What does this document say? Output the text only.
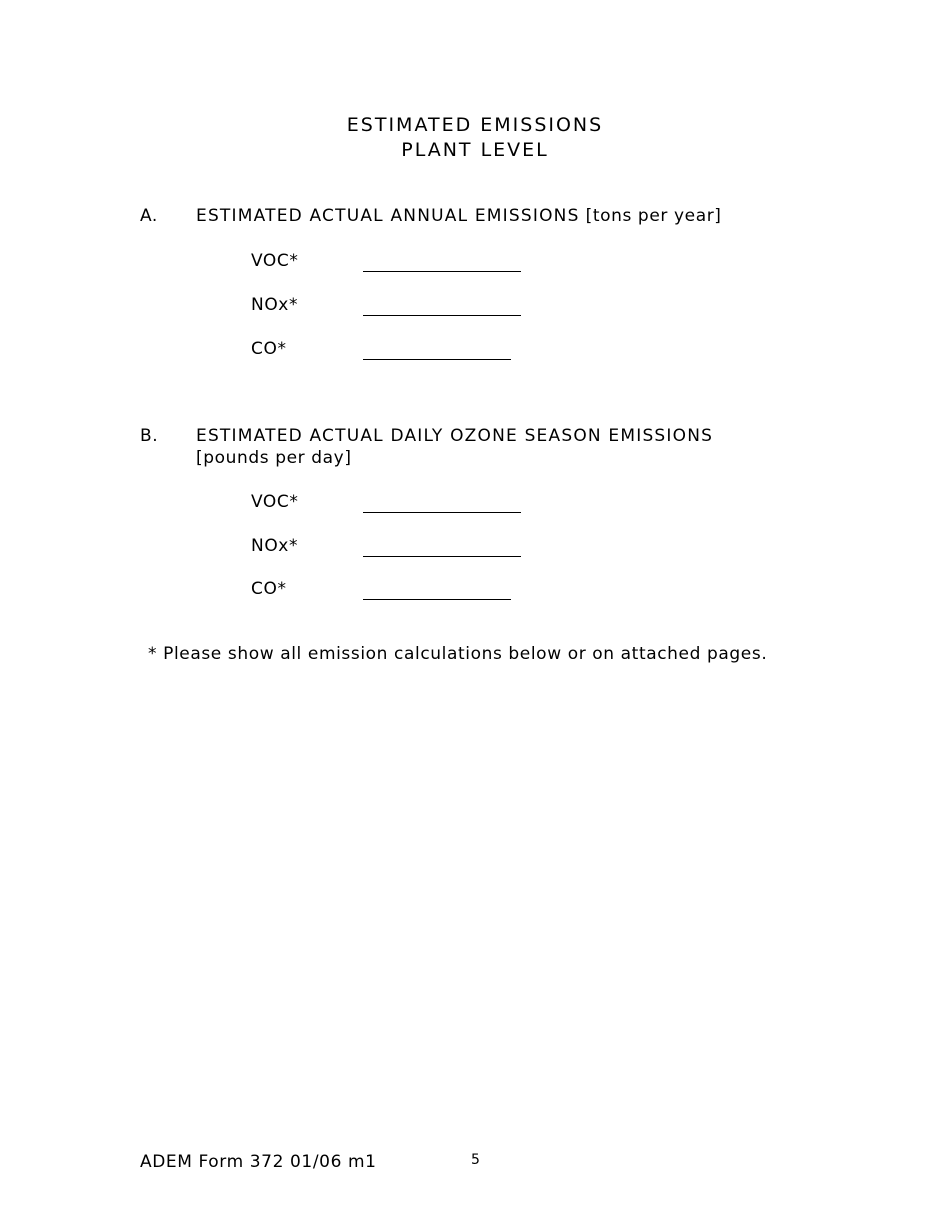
ESTIMATED EMISSIONS
PLANT LEVEL
A. ESTIMATED ACTUAL ANNUAL EMISSIONS [tons per year]
VOC*
NOx*
CO*
B. ESTIMATED ACTUAL DAILY OZONE SEASON EMISSIONS
[pounds per day]
VOC*
NOx*
CO*
* Please show all emission calculations below or on attached pages.
ADEM Form 372 01/06 m1	5
